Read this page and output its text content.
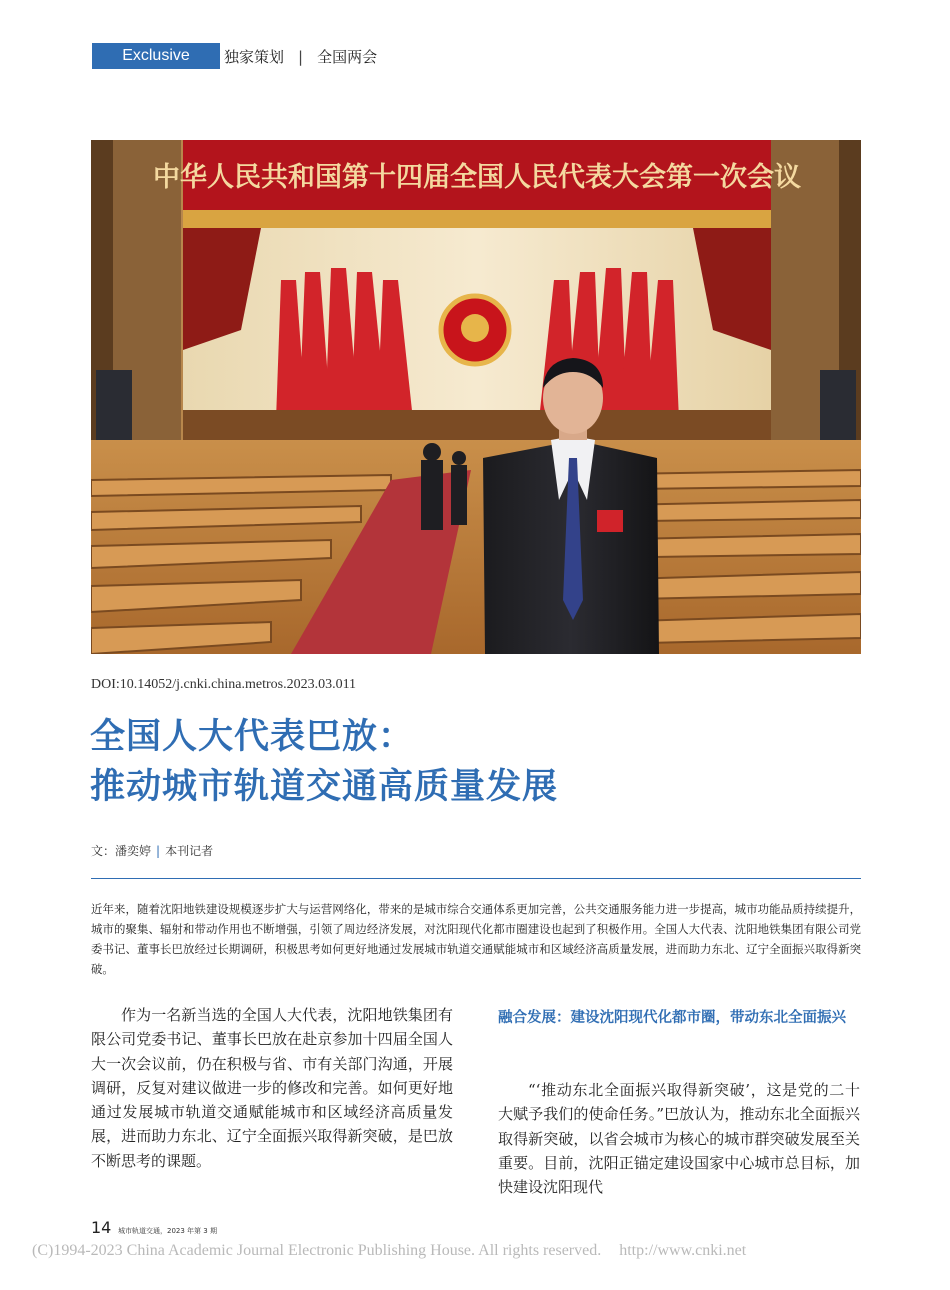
Exclusive	独家策划 | 全国两会
中华人民共和国第十四届全国人民代表大会第一次会议
DOI:10.14052/j.cnki.china.metros.2023.03.011
全国人大代表巴放：
推动城市轨道交通高质量发展
文：潘奕婷 | 本刊记者
近年来，随着沈阳地铁建设规模逐步扩大与运营网络化，带来的是城市综合交通体系更加完善，公共交通服务能力进一步提高，城市功能品质持续提升，城市的聚集、辐射和带动作用也不断增强，引领了周边经济发展，对沈阳现代化都市圈建设也起到了积极作用。全国人大代表、沈阳地铁集团有限公司党委书记、董事长巴放经过长期调研，积极思考如何更好地通过发展城市轨道交通赋能城市和区域经济高质量发展，进而助力东北、辽宁全面振兴取得新突破。
作为一名新当选的全国人大代表，沈阳地铁集团有限公司党委书记、董事长巴放在赴京参加十四届全国人大一次会议前，仍在积极与省、市有关部门沟通，开展调研，反复对建议做进一步的修改和完善。如何更好地通过发展城市轨道交通赋能城市和区域经济高质量发展，进而助力东北、辽宁全面振兴取得新突破，是巴放不断思考的课题。
融合发展：建设沈阳现代化都市圈，带动东北全面振兴
“‘推动东北全面振兴取得新突破’，这是党的二十大赋予我们的使命任务。”巴放认为，推动东北全面振兴取得新突破，以省会城市为核心的城市群突破发展至关重要。目前，沈阳正锚定建设国家中心城市总目标，加快建设沈阳现代
14 城市轨道交通，2023 年第 3 期
(C)1994-2023 China Academic Journal Electronic Publishing House. All rights reserved. http://www.cnki.net
